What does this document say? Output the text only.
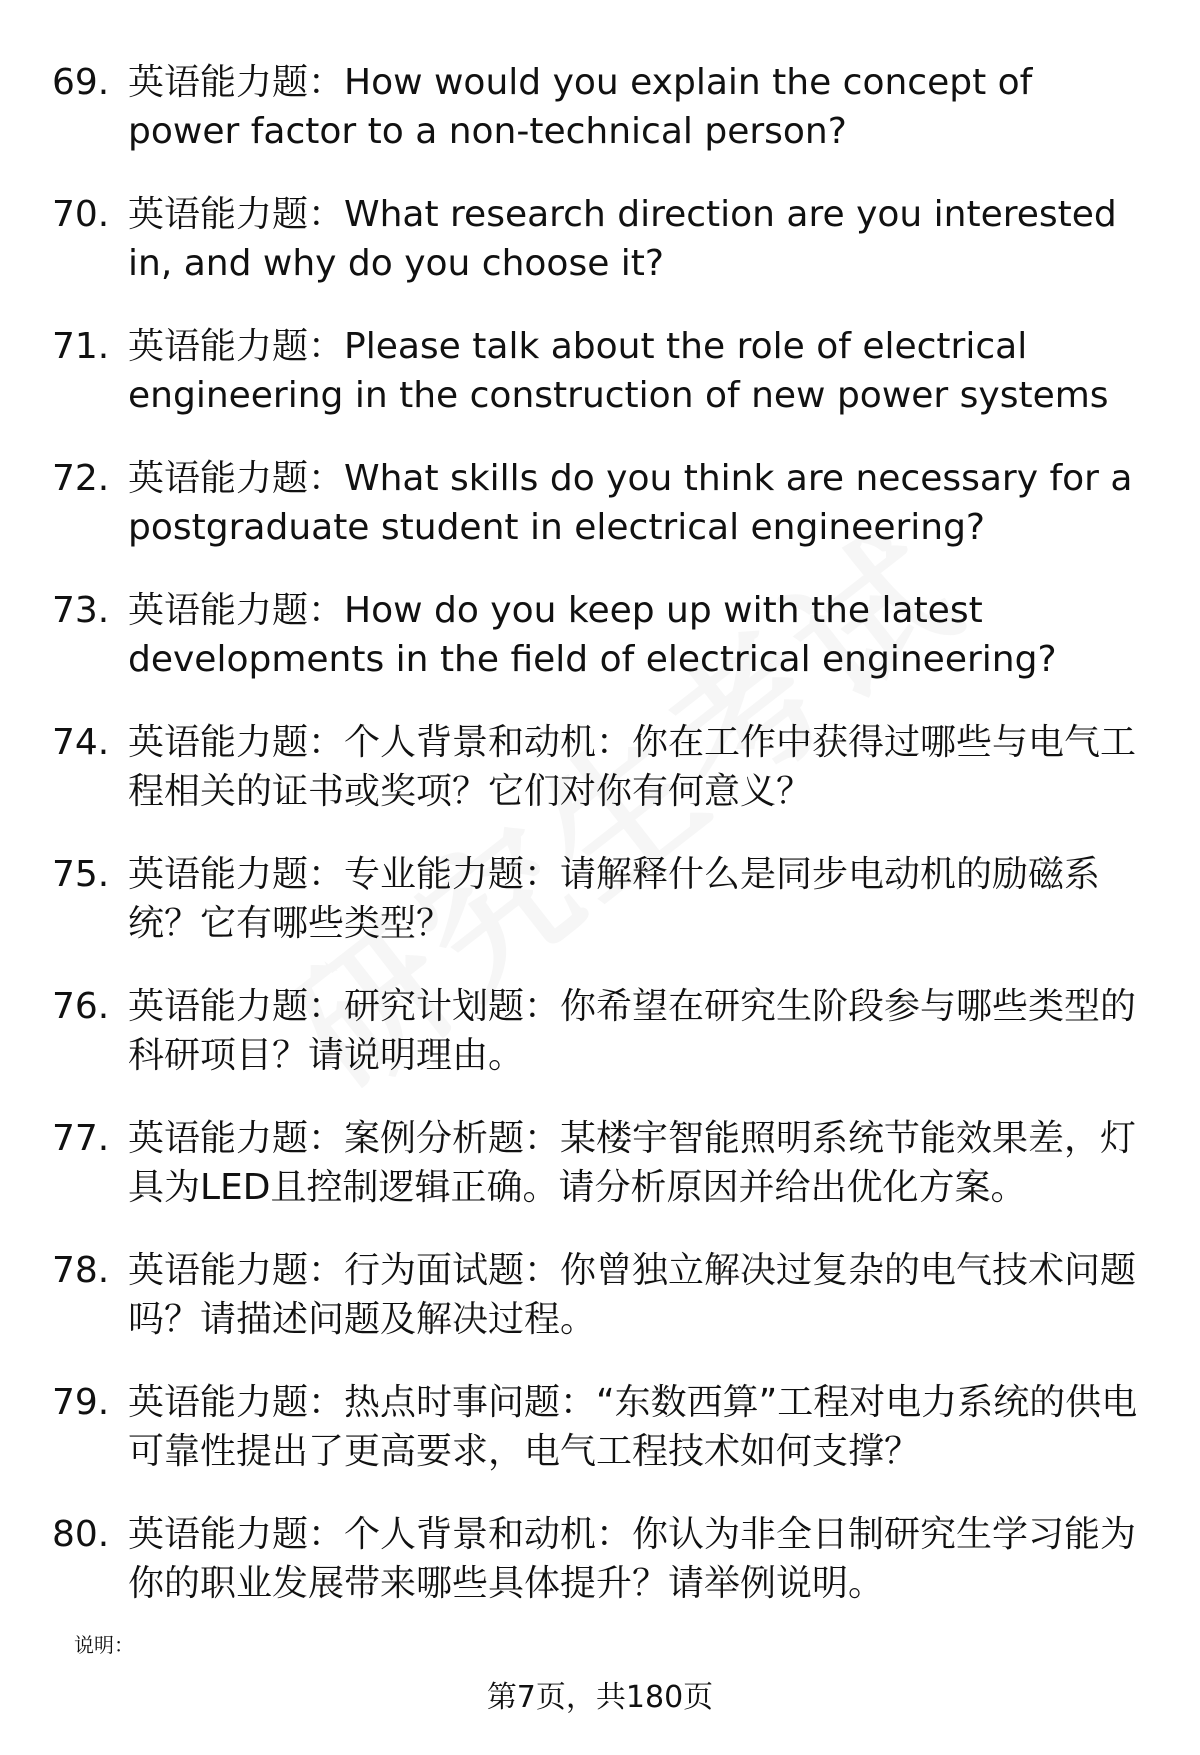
69. 英语能力题：How would you explain the concept of power factor to a non-technical person?
70. 英语能力题：What research direction are you interested in, and why do you choose it?
71. 英语能力题：Please talk about the role of electrical engineering in the construction of new power systems
72. 英语能力题：What skills do you think are necessary for a postgraduate student in electrical engineering?
73. 英语能力题：How do you keep up with the latest developments in the field of electrical engineering?
74. 英语能力题：个人背景和动机：你在工作中获得过哪些与电气工程相关的证书或奖项？它们对你有何意义？
75. 英语能力题：专业能力题：请解释什么是同步电动机的励磁系统？它有哪些类型？
76. 英语能力题：研究计划题：你希望在研究生阶段参与哪些类型的科研项目？请说明理由。
77. 英语能力题：案例分析题：某楼宇智能照明系统节能效果差，灯具为LED且控制逻辑正确。请分析原因并给出优化方案。
78. 英语能力题：行为面试题：你曾独立解决过复杂的电气技术问题吗？请描述问题及解决过程。
79. 英语能力题：热点时事问题：“东数西算”工程对电力系统的供电可靠性提出了更高要求，电气工程技术如何支撑？
80. 英语能力题：个人背景和动机：你认为非全日制研究生学习能为你的职业发展带来哪些具体提升？请举例说明。
说明：
第7页，共180页
